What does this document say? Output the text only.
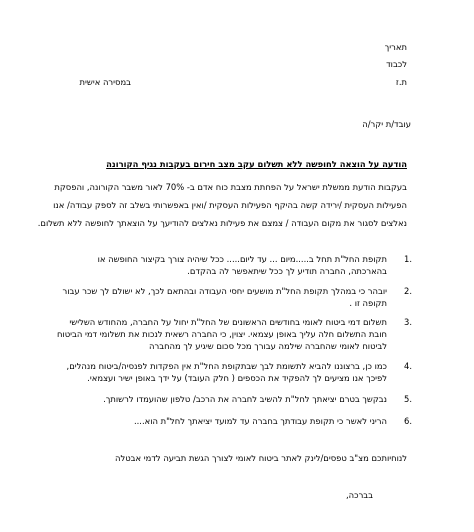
תאריך
לכבוד
ת.ז
במסירה אישית
עובד/ת יקר/ה
הודעה על הוצאה לחופשה ללא תשלום עקב מצב חירום בעקבות נגיף הקורונה
בעקבות הודעת ממשלת ישראל על הפחתת מצבת כוח אדם ב- 70% לאור משבר הקורונה, והפסקת
הפעילות העסקית /ירידה קשה בהיקף הפעילות העסקית /ואין באפשרותי בשלב זה לספק עבודה/ אנו
נאלצים לסגור את מקום העבודה / צמצם את פעילות נאלצים להודיעך על הוצאתך לחופשה ללא תשלום.
1.
תקופת החל"ת תחל ב.....מיום ... עד ליום..... ככל שיהיה צורך בקיצור החופשה או
בהארכתה, החברה תודיע לך ככל שיתאפשר לה בהקדם.
2.
יובהר כי במהלך תקופת החל"ת מושעים יחסי העבודה ובהתאם לכך, לא ישולם לך שכר עבור
תקופה זו .
3.
תשלום דמי ביטוח לאומי בחודשים הראשונים של החל"ת יחול על החברה, מהחודש השלישי
חובת התשלום חלה עליך באופן עצמאי. יצוין, כי החברה רשאית לנכות את תשלומי דמי הביטוח
לביטוח לאומי שהחברה שילמה עבורך מכל סכום שיגיע לך מהחברה
4.
כמו כן, ברצוננו להביא לתשומת לבך שבתקופת החל"ת אין הפקדות לפנסיה/ביטוח מנהלים,
לפיכך אנו מציעים לך להפקיד את הכספים ( חלק העובד) על ידך באופן ישיר ועצמאי.
5.
נבקשך בטרם יציאתך לחל"ת להשיב לחברה את הרכב/ טלפון שהועמדו לרשותך.
6.
הריני לאשר כי תקופת עבודתך בחברה עד למועד יציאתך לחל"ת הוא....
לנוחיותכם מצ"ב טפסים/לינק לאתר ביטוח לאומי לצורך הגשת תביעה לדמי אבטלה
בברכה,
